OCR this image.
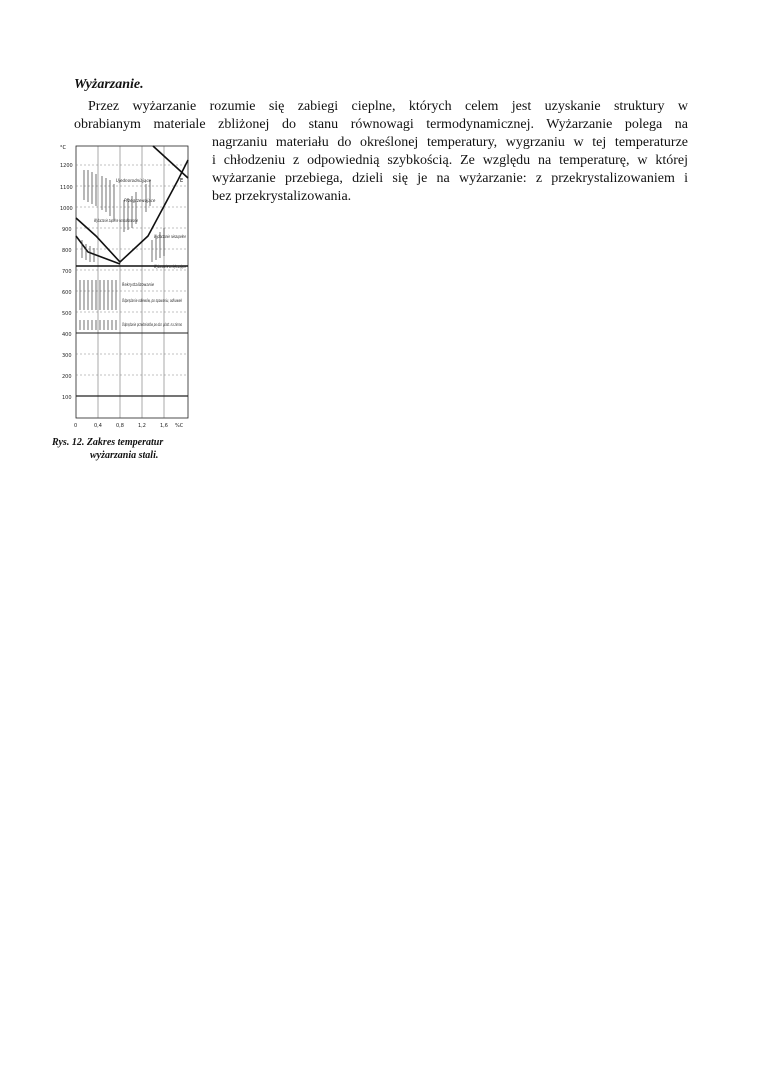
Wyżarzanie.

Przez wyżarzanie rozumie się zabiegi cieplne, których celem jest uzyskanie struktury w

obrabianym materiale zbliżonej do stanu równowagi termodynamicznej. Wyżarzanie polega na

nagrzaniu materiału do określonej temperatury, wygrzaniu w tej temperaturze
i chłodzeniu z odpowiednią szybkością. Ze względu na temperaturę, w której
wyżarzanie przebiega, dzieli się je na wyżarzanie: z przekrystalizowaniem i
bez przekrystalizowania.
°C
1200
1100
1000
900
800
700
600
500
400
300
200
100
Ujednorodniające
Przegrzewające
Wyżarzanie zupełne normalizowanie
Wyżarzanie niezupełne
Wyżarzanie zmiękczające
Rekrystalizowanie
Odprężanie odlewów, po spawaniu, odkuwek
Odprężanie przedmiotów po obr. plast. na zimno
E
0	0,4	0,8	1,2	1,6 %C
Rys. 12. Zakres temperatur
wyżarzania stali.
